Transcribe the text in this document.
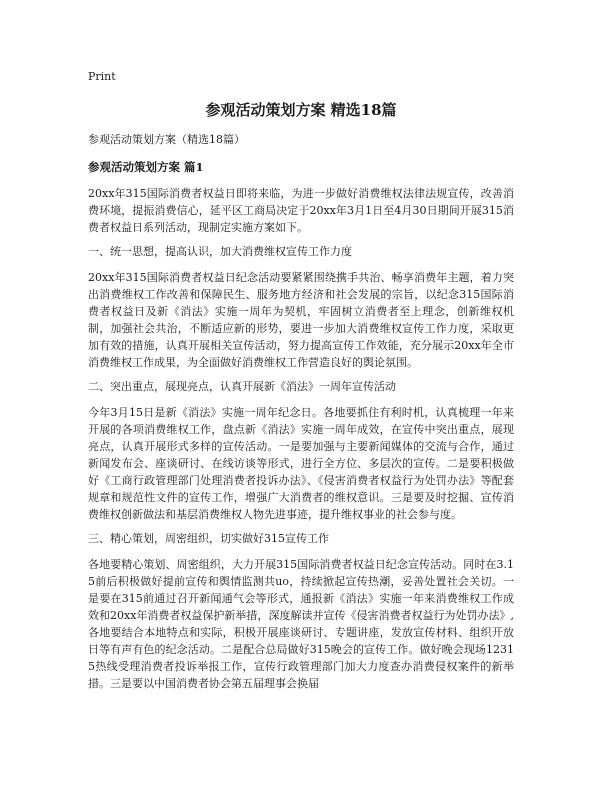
Print
参观活动策划方案 精选18篇

参观活动策划方案（精选18篇）

参观活动策划方案 篇1

20xx年315国际消费者权益日即将来临，为进一步做好消费维权法律法规宣传，改善消费环境，提振消费信心，延平区工商局决定于20xx年3月1日至4月30日期间开展315消费者权益日系列活动，现制定实施方案如下。

一、统一思想，提高认识，加大消费维权宣传工作力度

20xx年315国际消费者权益日纪念活动要紧紧围绕携手共治、畅享消费年主题，着力突出消费维权工作改善和保障民生、服务地方经济和社会发展的宗旨，以纪念315国际消费者权益日及新《消法》实施一周年为契机，牢固树立消费者至上理念，创新维权机制，加强社会共治，不断适应新的形势，要进一步加大消费维权宣传工作力度，采取更加有效的措施，认真开展相关宣传活动，努力提高宣传工作效能，充分展示20xx年全市消费维权工作成果，为全面做好消费维权工作营造良好的舆论氛围。

二、突出重点，展现亮点，认真开展新《消法》一周年宣传活动

今年3月15日是新《消法》实施一周年纪念日。各地要抓住有利时机，认真梳理一年来开展的各项消费维权工作，盘点新《消法》实施一周年成效，在宣传中突出重点，展现亮点，认真开展形式多样的宣传活动。一是要加强与主要新闻媒体的交流与合作，通过新闻发布会、座谈研讨、在线访谈等形式，进行全方位、多层次的宣传。二是要积极做好《工商行政管理部门处理消费者投诉办法》、《侵害消费者权益行为处罚办法》等配套规章和规范性文件的宣传工作，增强广大消费者的维权意识。三是要及时挖掘、宣传消费维权创新做法和基层消费维权人物先进事迹，提升维权事业的社会参与度。

三、精心策划，周密组织，切实做好315宣传工作

各地要精心策划、周密组织，大力开展315国际消费者权益日纪念宣传活动。同时在3.15前后积极做好提前宣传和舆情监测共uo，持续掀起宣传热潮，妥善处置社会关切。一是要在315前通过召开新闻通气会等形式，通报新《消法》实施一年来消费维权工作成效和20xx年消费者权益保护新举措，深度解读并宣传《侵害消费者权益行为处罚办法》,各地要结合本地特点和实际，积极开展座谈研讨、专题讲座，发放宣传材料、组织开放日等有声有色的纪念活动。二是配合总局做好315晚会的宣传工作。做好晚会现场12315热线受理消费者投诉举报工作，宣传行政管理部门加大力度查办消费侵权案件的新举措。三是要以中国消费者协会第五届理事会换届
